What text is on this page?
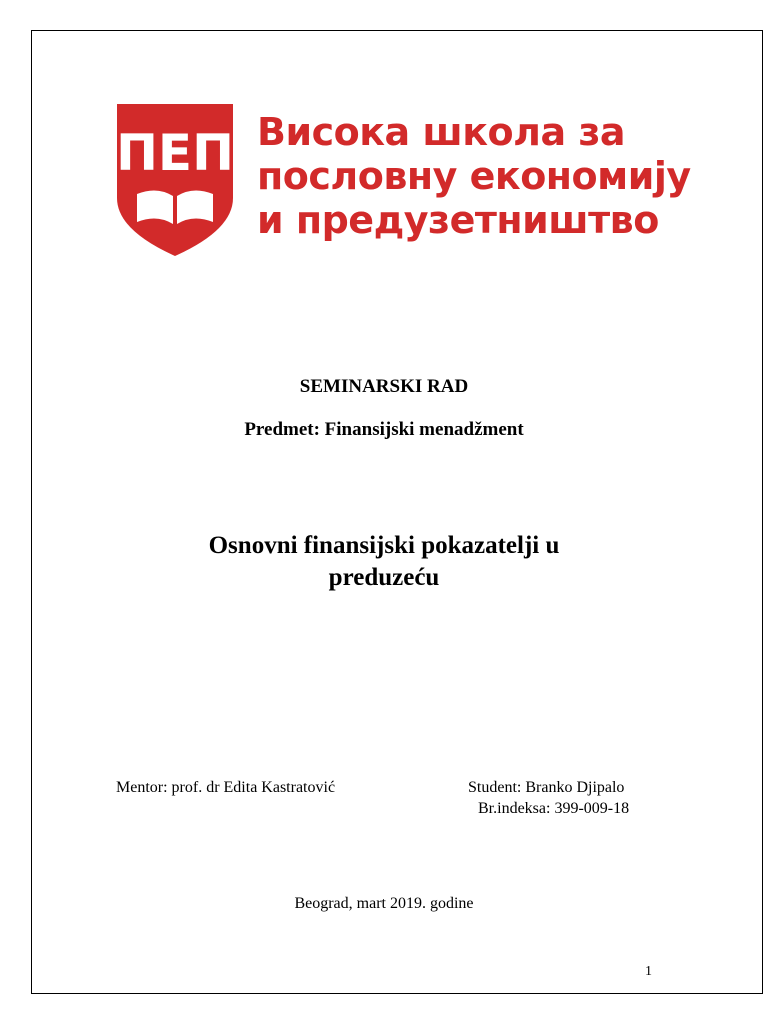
ПЕП Висока школа за
пословну економију
и предузетништво
SEMINARSKI RAD
Predmet: Finansijski menadžment
Osnovni finansijski pokazatelji u
preduzeću
Mentor: prof. dr Edita Kastratović	Student: Branko Djipalo
Br.indeksa: 399-009-18
Beograd, mart 2019. godine
1
